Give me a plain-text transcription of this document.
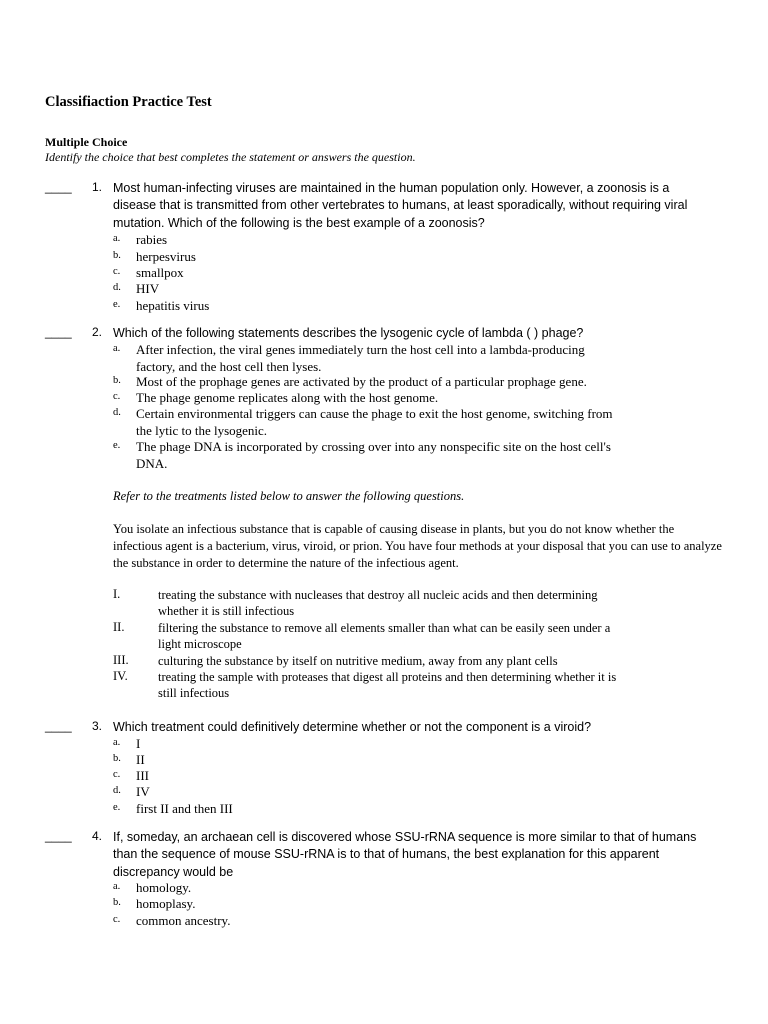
Classifiaction Practice Test
Multiple Choice
Identify the choice that best completes the statement or answers the question.
____	1. Most human-infecting viruses are maintained in the human population only. However, a zoonosis is a disease that is transmitted from other vertebrates to humans, at least sporadically, without requiring viral mutation. Which of the following is the best example of a zoonosis?
a. rabies
b. herpesvirus
c. smallpox
d. HIV
e. hepatitis virus
____	2. Which of the following statements describes the lysogenic cycle of lambda ( ) phage?
a. After infection, the viral genes immediately turn the host cell into a lambda-producing factory, and the host cell then lyses.
b. Most of the prophage genes are activated by the product of a particular prophage gene.
c. The phage genome replicates along with the host genome.
d. Certain environmental triggers can cause the phage to exit the host genome, switching from the lytic to the lysogenic.
e. The phage DNA is incorporated by crossing over into any nonspecific site on the host cell's DNA.
Refer to the treatments listed below to answer the following questions.
You isolate an infectious substance that is capable of causing disease in plants, but you do not know whether the infectious agent is a bacterium, virus, viroid, or prion. You have four methods at your disposal that you can use to analyze the substance in order to determine the nature of the infectious agent.
I.	treating the substance with nucleases that destroy all nucleic acids and then determining whether it is still infectious
II.	filtering the substance to remove all elements smaller than what can be easily seen under a light microscope
III. culturing the substance by itself on nutritive medium, away from any plant cells
IV. treating the sample with proteases that digest all proteins and then determining whether it is still infectious
____	3. Which treatment could definitively determine whether or not the component is a viroid?
a. I
b. II
c. III
d. IV
e. first II and then III
____	4. If, someday, an archaean cell is discovered whose SSU-rRNA sequence is more similar to that of humans than the sequence of mouse SSU-rRNA is to that of humans, the best explanation for this apparent discrepancy would be
a. homology.
b. homoplasy.
c. common ancestry.
